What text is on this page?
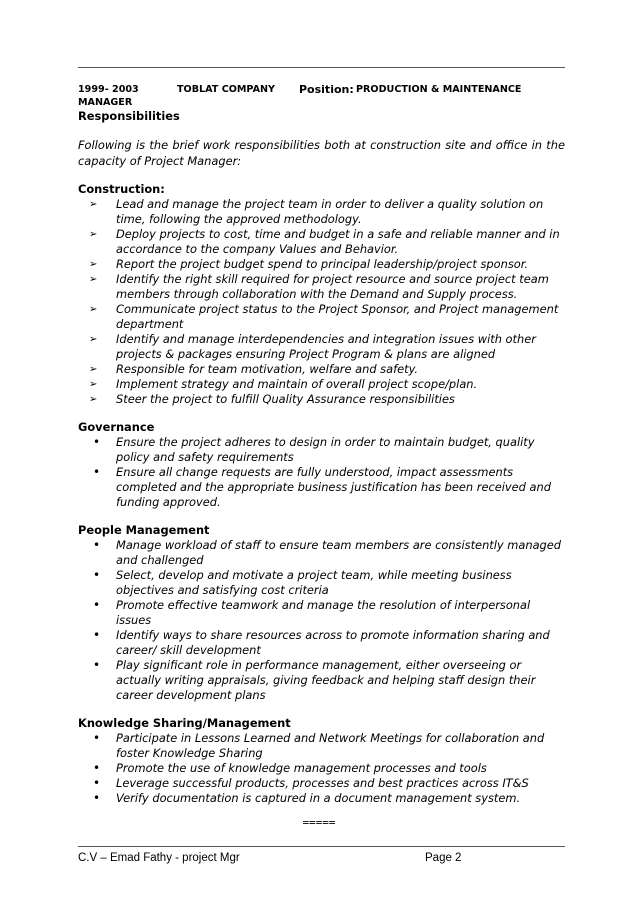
1999- 2003	TOBLAT COMPANY Position: PRODUCTION & MAINTENANCE
MANAGER
Responsibilities
Following is the brief work responsibilities both at construction site and office in the capacity of Project Manager:
Construction:
➢ Lead and manage the project team in order to deliver a quality solution on time, following the approved methodology.
➢ Deploy projects to cost, time and budget in a safe and reliable manner and in accordance to the company Values and Behavior.
➢ Report the project budget spend to principal leadership/project sponsor.
➢ Identify the right skill required for project resource and source project team members through collaboration with the Demand and Supply process.
➢ Communicate project status to the Project Sponsor, and Project management department
➢ Identify and manage interdependencies and integration issues with other projects & packages ensuring Project Program & plans are aligned
➢ Responsible for team motivation, welfare and safety.
➢ Implement strategy and maintain of overall project scope/plan.
➢ Steer the project to fulfill Quality Assurance responsibilities
Governance
• Ensure the project adheres to design in order to maintain budget, quality policy and safety requirements
• Ensure all change requests are fully understood, impact assessments completed and the appropriate business justification has been received and funding approved.
People Management
• Manage workload of staff to ensure team members are consistently managed and challenged
• Select, develop and motivate a project team, while meeting business objectives and satisfying cost criteria
• Promote effective teamwork and manage the resolution of interpersonal issues
• Identify ways to share resources across to promote information sharing and career/ skill development
• Play significant role in performance management, either overseeing or actually writing appraisals, giving feedback and helping staff design their career development plans
Knowledge Sharing/Management
• Participate in Lessons Learned and Network Meetings for collaboration and foster Knowledge Sharing
• Promote the use of knowledge management processes and tools
• Leverage successful products, processes and best practices across IT&S
• Verify documentation is captured in a document management system.
=====
C.V – Emad Fathy - project Mgr	Page 2
